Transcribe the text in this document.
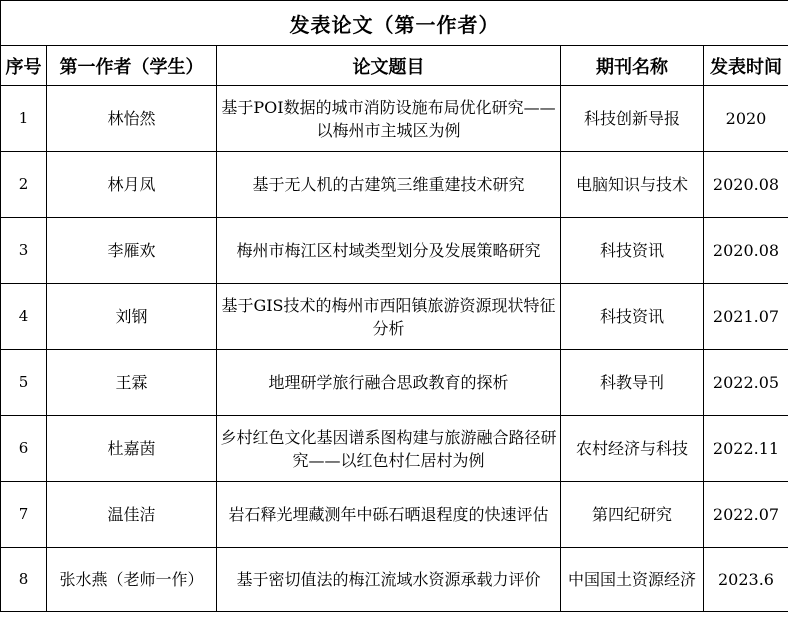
发表论文（第一作者）				
序号	第一作者（学生）	论文题目	期刊名称	发表时间
1	林怡然	基于POI数据的城市消防设施布局优化研究——以梅州市主城区为例	科技创新导报	2020
2	林月凤	基于无人机的古建筑三维重建技术研究	电脑知识与技术	2020.08
3	李雁欢	梅州市梅江区村域类型划分及发展策略研究	科技资讯	2020.08
4	刘钢	基于GIS技术的梅州市西阳镇旅游资源现状特征分析	科技资讯	2021.07
5	王霖	地理研学旅行融合思政教育的探析	科教导刊	2022.05
6	杜嘉茵	乡村红色文化基因谱系图构建与旅游融合路径研究——以红色村仁居村为例	农村经济与科技	2022.11
7	温佳洁	岩石释光埋藏测年中砾石晒退程度的快速评估	第四纪研究	2022.07
8	张水燕（老师一作）	基于密切值法的梅江流域水资源承载力评价	中国国土资源经济	2023.6
